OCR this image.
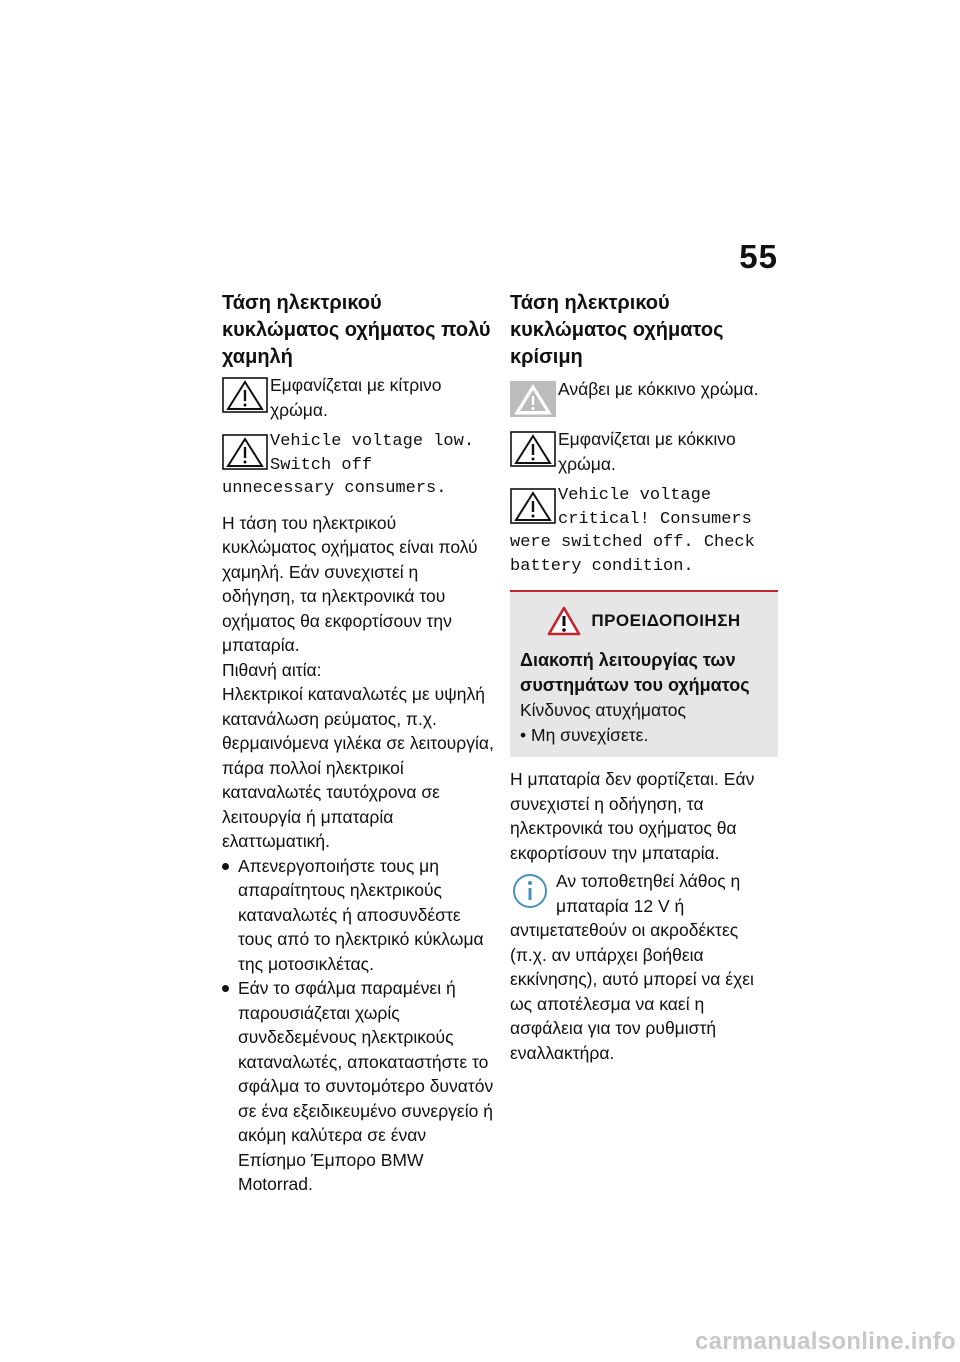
55
Τάση ηλεκτρικού κυκλώματος οχήματος πολύ χαμηλή
Εμφανίζεται με κίτρινο χρώμα.
Vehicle voltage low. Switch off unnecessary consumers.

Η τάση του ηλεκτρικού κυκλώματος οχήματος είναι πολύ χαμηλή. Εάν συνεχιστεί η οδήγηση, τα ηλεκτρονικά του οχήματος θα εκφορτίσουν την μπαταρία.

Πιθανή αιτία:

Ηλεκτρικοί καταναλωτές με υψηλή κατανάλωση ρεύματος, π.χ. θερμαινόμενα γιλέκα σε λειτουργία, πάρα πολλοί ηλεκτρικοί καταναλωτές ταυτόχρονα σε λειτουργία ή μπαταρία ελαττωματική.

Απενεργοποιήστε τους μη απαραίτητους ηλεκτρικούς καταναλωτές ή αποσυνδέστε τους από το ηλεκτρικό κύκλωμα της μοτοσικλέτας.
Εάν το σφάλμα παραμένει ή παρουσιάζεται χωρίς συνδεδεμένους ηλεκτρικούς καταναλωτές, αποκαταστήστε το σφάλμα το συντομότερο δυνατόν σε ένα εξειδικευμένο συνεργείο ή ακόμη καλύτερα σε έναν Επίσημο Έμπορο BMW Motorrad.
Τάση ηλεκτρικού κυκλώματος οχήματος κρίσιμη
Ανάβει με κόκκινο χρώμα.
Εμφανίζεται με κόκκινο χρώμα.
Vehicle voltage critical! Consumers were switched off. Check battery condition.
ΠΡΟΕΙΔΟΠΟΙΗΣΗ
Διακοπή λειτουργίας των συστημάτων του οχήματος
Κίνδυνος ατυχήματος
• Μη συνεχίσετε.

Η μπαταρία δεν φορτίζεται. Εάν συνεχιστεί η οδήγηση, τα ηλεκτρονικά του οχήματος θα εκφορτίσουν την μπαταρία.

Αν τοποθετηθεί λάθος η μπαταρία 12 V ή αντιμετατεθούν οι ακροδέκτες (π.χ. αν υπάρχει βοήθεια εκκίνησης), αυτό μπορεί να έχει ως αποτέλεσμα να καεί η ασφάλεια για τον ρυθμιστή εναλλακτήρα.
carmanualsonline.info
